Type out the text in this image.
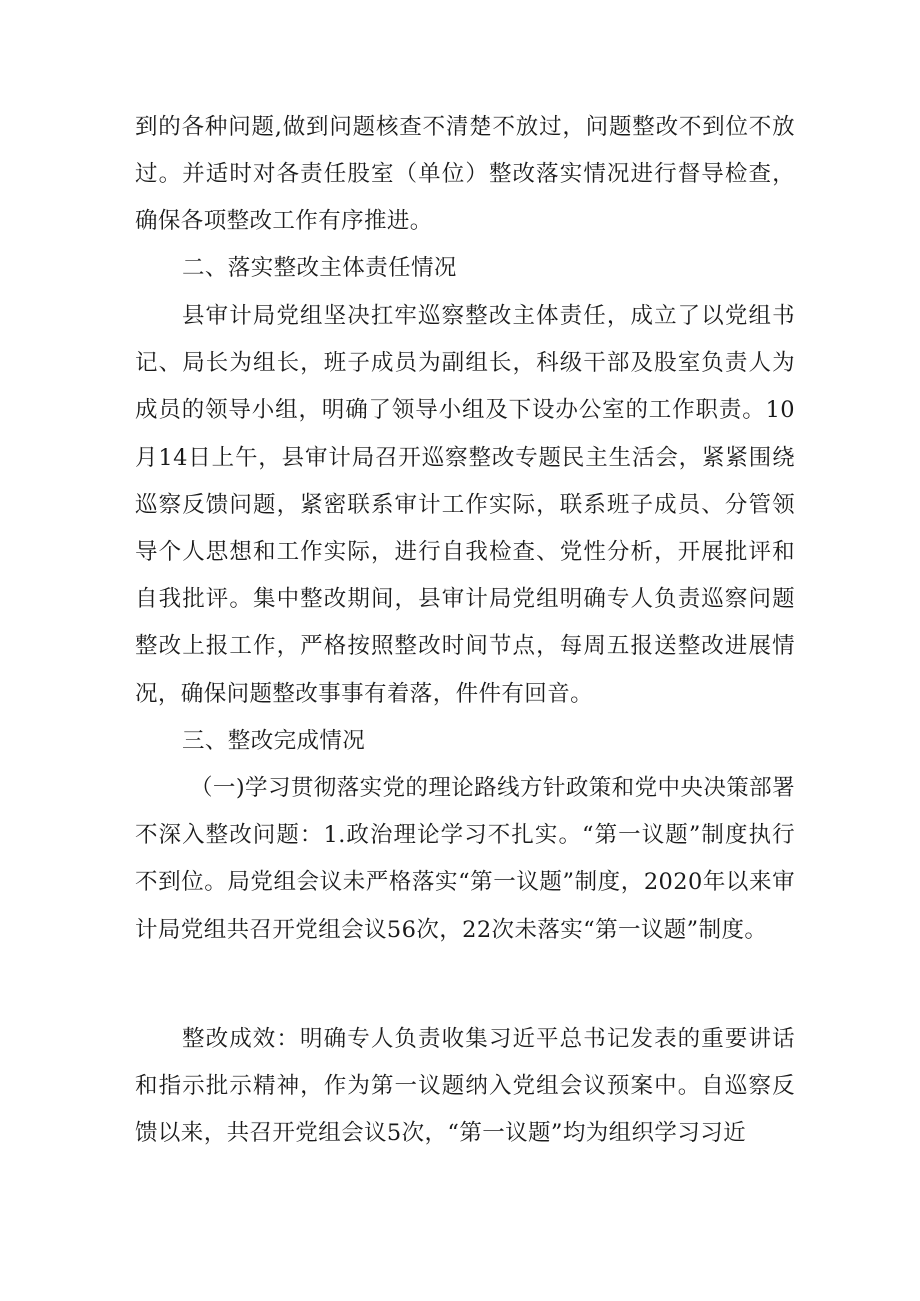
到的各种问题,做到问题核查不清楚不放过，问题整改不到位不放过。并适时对各责任股室（单位）整改落实情况进行督导检查，确保各项整改工作有序推进。

二、落实整改主体责任情况

县审计局党组坚决扛牢巡察整改主体责任，成立了以党组书记、局长为组长，班子成员为副组长，科级干部及股室负责人为成员的领导小组，明确了领导小组及下设办公室的工作职责。10月14日上午，县审计局召开巡察整改专题民主生活会，紧紧围绕巡察反馈问题，紧密联系审计工作实际，联系班子成员、分管领导个人思想和工作实际，进行自我检查、党性分析，开展批评和自我批评。集中整改期间，县审计局党组明确专人负责巡察问题整改上报工作，严格按照整改时间节点，每周五报送整改进展情况，确保问题整改事事有着落，件件有回音。

三、整改完成情况

（一)学习贯彻落实党的理论路线方针政策和党中央决策部署不深入整改问题：1.政治理论学习不扎实。“第一议题”制度执行不到位。局党组会议未严格落实“第一议题”制度，2020年以来审计局党组共召开党组会议56次，22次未落实“第一议题”制度。

整改成效：明确专人负责收集习近平总书记发表的重要讲话和指示批示精神，作为第一议题纳入党组会议预案中。自巡察反馈以来，共召开党组会议5次，“第一议题”均为组织学习习近
